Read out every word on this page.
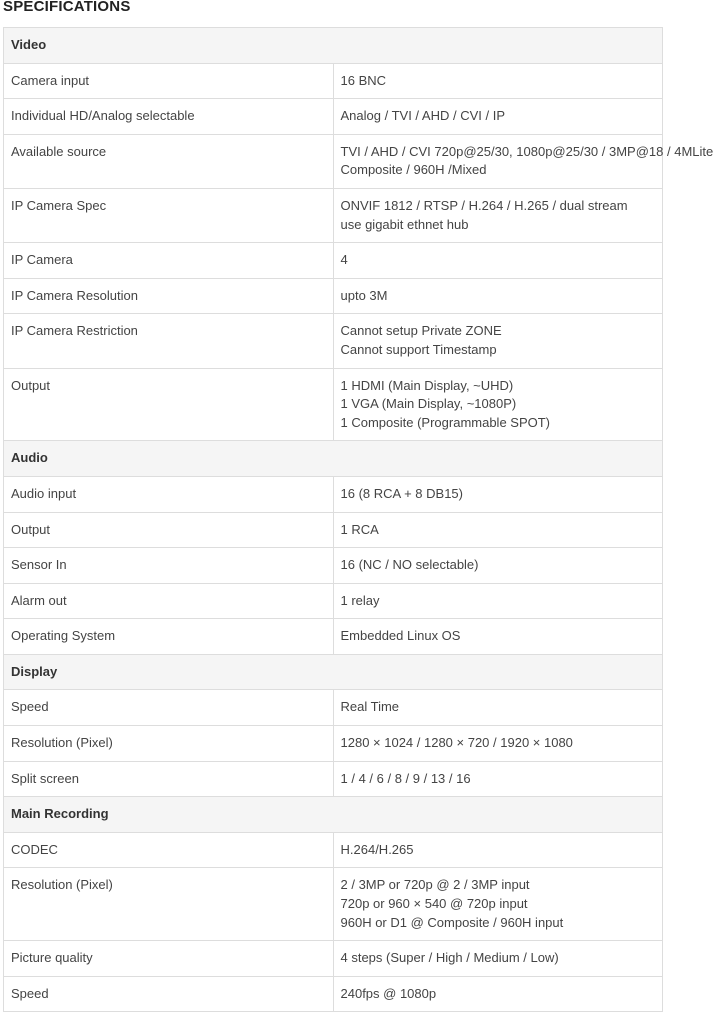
SPECIFICATIONS
Video	
Camera input	16 BNC

Individual HD/Analog selectable	Analog / TVI / AHD / CVI / IP

Available source	TVI / AHD / CVI 720p@25/30, 1080p@25/30 / 3MP@18 / 4MLite
Composite / 960H /Mixed

IP Camera Spec	ONVIF 1812 / RTSP / H.264 / H.265 / dual stream
use gigabit ethnet hub

IP Camera	4

IP Camera Resolution	upto 3M

IP Camera Restriction	Cannot setup Private ZONE
Cannot support Timestamp

Output	1 HDMI (Main Display, ~UHD)
1 VGA (Main Display, ~1080P)
1 Composite (Programmable SPOT)

Audio	
Audio input	16 (8 RCA + 8 DB15)

Output	1 RCA

Sensor In	16 (NC / NO selectable)

Alarm out	1 relay

Operating System	Embedded Linux OS

Display	
Speed	Real Time

Resolution (Pixel)	1280 × 1024 / 1280 × 720 / 1920 × 1080

Split screen	1 / 4 / 6 / 8 / 9 / 13 / 16

Main Recording	
CODEC	H.264/H.265

Resolution (Pixel)	2 / 3MP or 720p @ 2 / 3MP input
720p or 960 × 540 @ 720p input
960H or D1 @ Composite / 960H input

Picture quality	4 steps (Super / High / Medium / Low)

Speed	240fps @ 1080p
